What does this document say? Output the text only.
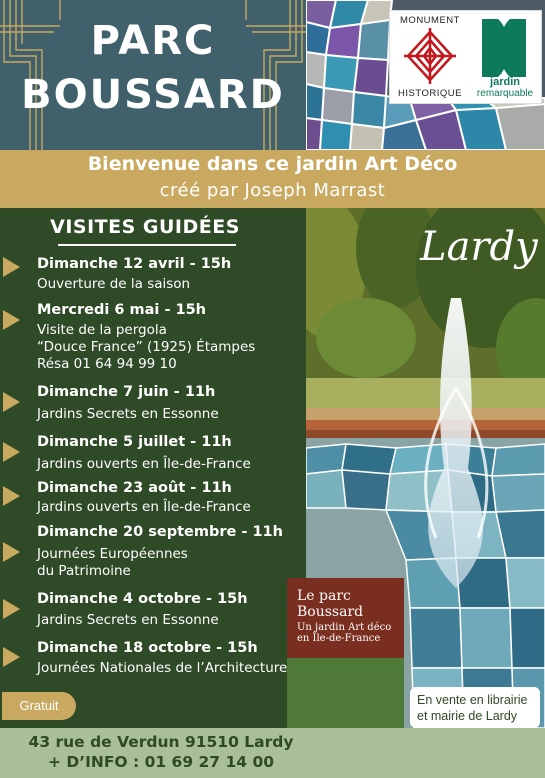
PARC
BOUSSARD
MONUMENT
HISTORIQUE
jardin
remarquable
Bienvenue dans ce jardin Art Déco
créé par Joseph Marrast
VISITES GUIDÉES
Dimanche 12 avril - 15h
Ouverture de la saison
Mercredi 6 mai - 15h
Visite de la pergola
“Douce France” (1925) Étampes
Résa 01 64 94 99 10
Dimanche 7 juin - 11h
Jardins Secrets en Essonne
Dimanche 5 juillet - 11h
Jardins ouverts en Île-de-France
Dimanche 23 août - 11h
Jardins ouverts en Île-de-France
Dimanche 20 septembre - 11h
Journées Européennes
du Patrimoine
Dimanche 4 octobre - 15h
Jardins Secrets en Essonne
Dimanche 18 octobre - 15h
Journées Nationales de l’Architecture
Gratuit
Lardy
Le parc
Boussard
Un jardin Art déco
en Île-de-France
En vente en librairie
et mairie de Lardy
43 rue de Verdun 91510 Lardy
+ D’INFO : 01 69 27 14 00
